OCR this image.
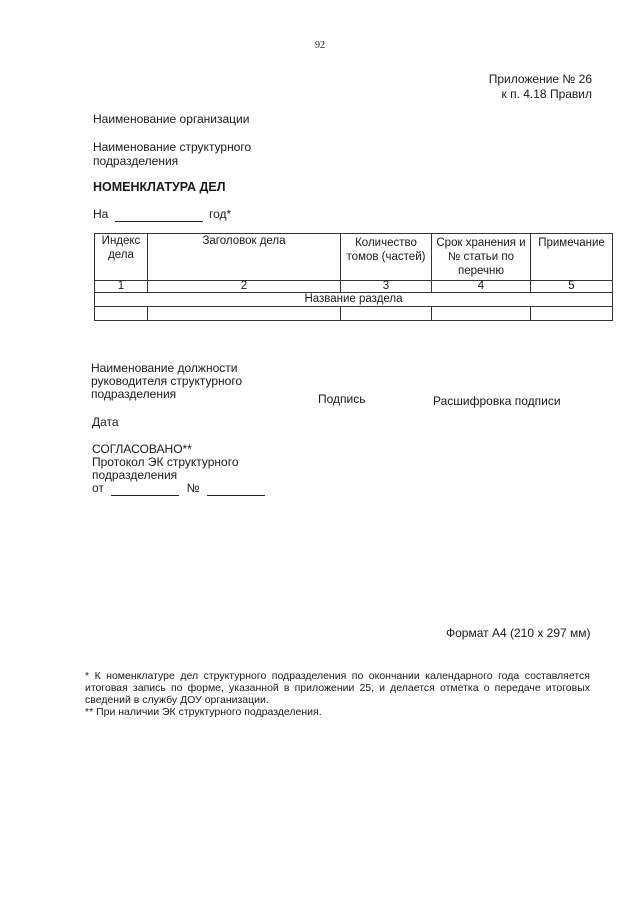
92
Приложение № 26
к п. 4.18 Правил
Наименование организации
Наименование структурного
подразделения
НОМЕНКЛАТУРА ДЕЛ
На	год*
Индекс дела	Заголовок дела	Количество томов (частей)	Срок хранения и № статьи по перечню	Примечание
1	2	3	4	5
Название раздела				

Наименование должности
руководителя структурного
подразделения	Подпись	Расшифровка подписи
Дата
СОГЛАСОВАНО**
Протокол ЭК структурного
подразделения
от	№
Формат А4 (210 х 297 мм)

* К номенклатуре дел структурного подразделения по окончании календарного года составляется итоговая запись по форме, указанной в приложении 25, и делается отметка о передаче итоговых сведений в службу ДОУ организации.

** При наличии ЭК структурного подразделения.
